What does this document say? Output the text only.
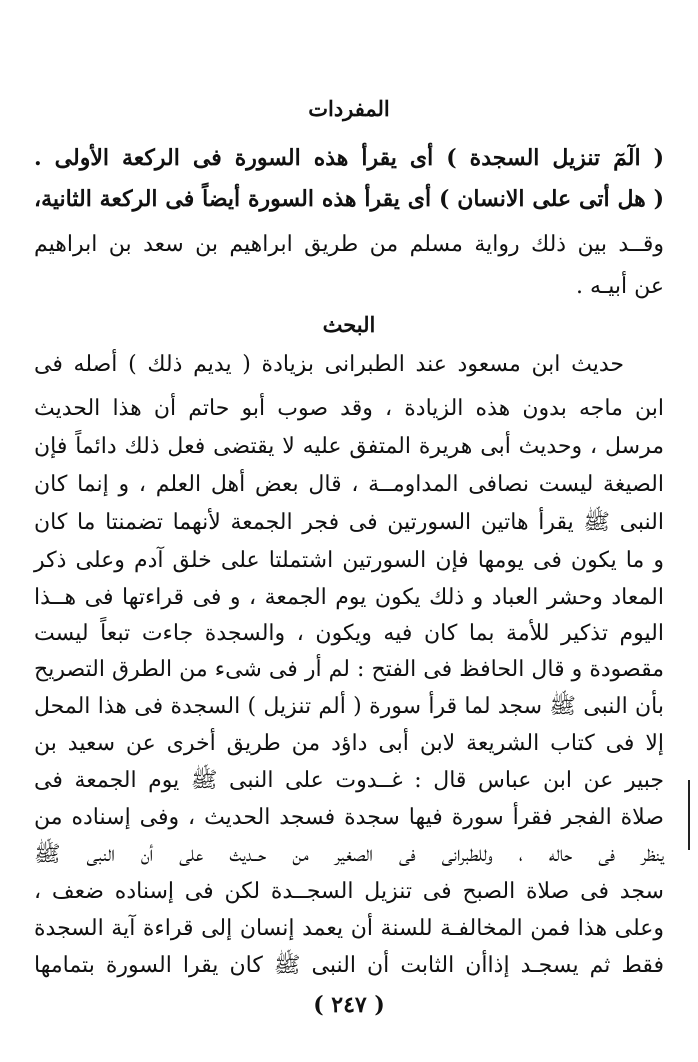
المفردات
( الٓمٓ تنزيل السجدة ) أى يقرأ هذه السورة فى الركعة الأولى .
( هل أتى على الانسان ) أى يقرأ هذه السورة أيضاً فى الركعة الثانية،
وقــد بين ذلك رواية مسلم من طريق ابراهيم بن سعد بن ابراهيم
عن أبيـه .
البحث
حديث ابن مسعود عند الطبرانى بزيادة ( يديم ذلك ) أصله فى
ابن ماجه بدون هذه الزيادة ، وقد صوب أبو حاتم أن هذا الحديث
مرسل ، وحديث أبى هريرة المتفق عليه لا يقتضى فعل ذلك دائماً فإن
الصيغة ليست نصافى المداومــة ، قال بعض أهل العلم ، و إنما كان
النبى ﷺ يقرأ هاتين السورتين فى فجر الجمعة لأنهما تضمنتا ما كان
و ما يكون فى يومها فإن السورتين اشتملتا على خلق آدم وعلى ذكر
المعاد وحشر العباد و ذلك يكون يوم الجمعة ، و فى قراءتها فى هــذا
اليوم تذكير للأمة بما كان فيه ويكون ، والسجدة جاءت تبعاً ليست
مقصودة و قال الحافظ فى الفتح : لم أر فى شىء من الطرق التصريح
بأن النبى ﷺ سجد لما قرأ سورة ( ألم تنزيل ) السجدة فى هذا المحل
إلا فى كتاب الشريعة لابن أبى داؤد من طريق أخرى عن سعيد بن
جبير عن ابن عباس قال : غــدوت على النبى ﷺ يوم الجمعة فى
صلاة الفجر فقرأ سورة فيها سجدة فسجد الحديث ، وفى إسناده من
ينظر فى حاله ، وللطبرانى فى الصغير من حــديث على أن النبى ﷺ
سجد فى صلاة الصبح فى تنزيل السجــدة لكن فى إسناده ضعف ،
وعلى هذا فمن المخالفـة للسنة أن يعمد إنسان إلى قراءة آية السجدة
فقط ثم يسجـد إذاأن الثابت أن النبى ﷺ كان يقرا السورة بتمامها
( ٢٤٧ )
